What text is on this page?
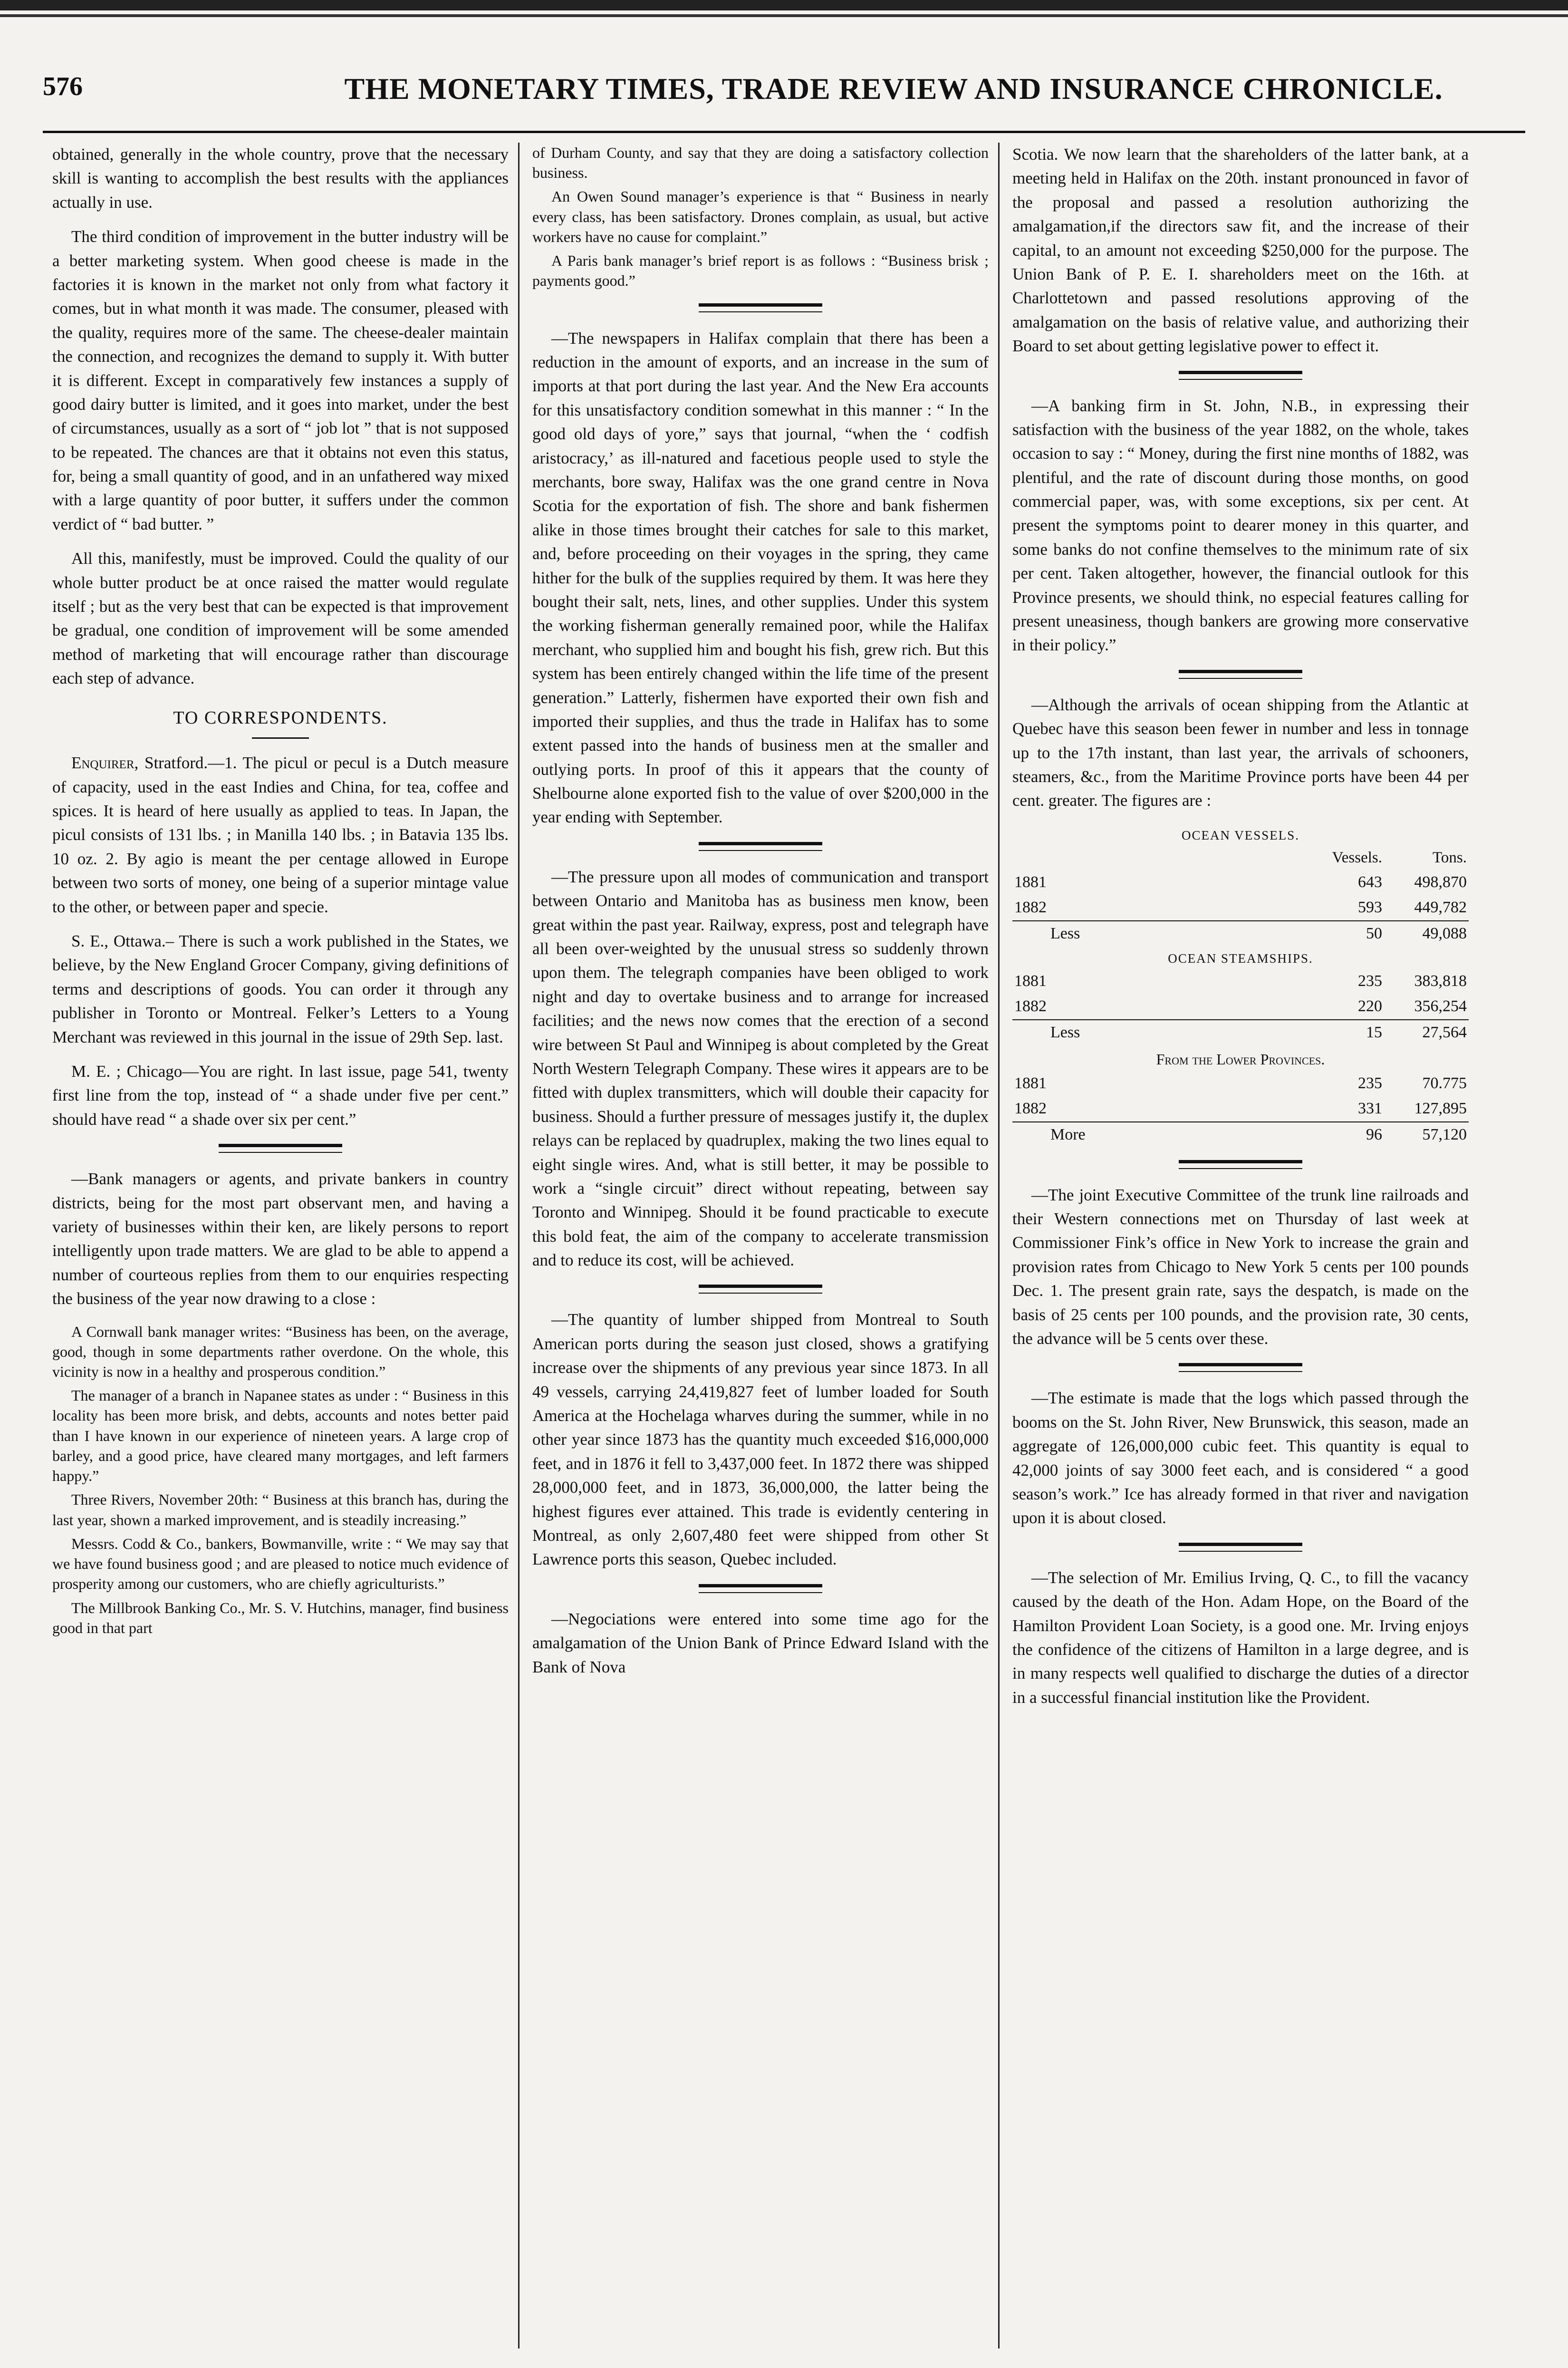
576	THE MONETARY TIMES, TRADE REVIEW AND INSURANCE CHRONICLE.

obtained, generally in the whole country, prove that the necessary skill is wanting to accomplish the best results with the appliances actually in use.

The third condition of improvement in the butter industry will be a better marketing system. When good cheese is made in the factories it is known in the market not only from what factory it comes, but in what month it was made. The consumer, pleased with the quality, requires more of the same. The cheese-dealer maintain the connection, and recognizes the demand to supply it. With butter it is different. Except in comparatively few instances a supply of good dairy butter is limited, and it goes into market, under the best of circumstances, usually as a sort of “ job lot ” that is not supposed to be repeated. The chances are that it obtains not even this status, for, being a small quantity of good, and in an unfathered way mixed with a large quantity of poor butter, it suffers under the common verdict of “ bad butter. ”

All this, manifestly, must be improved. Could the quality of our whole butter product be at once raised the matter would regulate itself ; but as the very best that can be expected is that improvement be gradual, one condition of improvement will be some amended method of marketing that will encourage rather than discourage each step of advance.

TO CORRESPONDENTS.

Enquirer, Stratford.—1. The picul or pecul is a Dutch measure of capacity, used in the east Indies and China, for tea, coffee and spices. It is heard of here usually as applied to teas. In Japan, the picul consists of 131 lbs. ; in Manilla 140 lbs. ; in Batavia 135 lbs. 10 oz. 2. By agio is meant the per centage allowed in Europe between two sorts of money, one being of a superior mintage value to the other, or between paper and specie.

S. E., Ottawa.– There is such a work published in the States, we believe, by the New England Grocer Company, giving definitions of terms and descriptions of goods. You can order it through any publisher in Toronto or Montreal. Felker’s Letters to a Young Merchant was reviewed in this journal in the issue of 29th Sep. last.

M. E. ; Chicago—You are right. In last issue, page 541, twenty first line from the top, instead of “ a shade under five per cent.” should have read “ a shade over six per cent.”

—Bank managers or agents, and private bankers in country districts, being for the most part observant men, and having a variety of businesses within their ken, are likely persons to report intelligently upon trade matters. We are glad to be able to append a number of courteous replies from them to our enquiries respecting the business of the year now drawing to a close :

A Cornwall bank manager writes: “Business has been, on the average, good, though in some departments rather overdone. On the whole, this vicinity is now in a healthy and prosperous condition.”

The manager of a branch in Napanee states as under : “ Business in this locality has been more brisk, and debts, accounts and notes better paid than I have known in our experience of nineteen years. A large crop of barley, and a good price, have cleared many mortgages, and left farmers happy.”

Three Rivers, November 20th: “ Business at this branch has, during the last year, shown a marked improvement, and is steadily increasing.”

Messrs. Codd & Co., bankers, Bowmanville, write : “ We may say that we have found business good ; and are pleased to notice much evidence of prosperity among our customers, who are chiefly agriculturists.”

The Millbrook Banking Co., Mr. S. V. Hutchins, manager, find business good in that part

of Durham County, and say that they are doing a satisfactory collection business.

An Owen Sound manager’s experience is that “ Business in nearly every class, has been satisfactory. Drones complain, as usual, but active workers have no cause for complaint.”

A Paris bank manager’s brief report is as follows : “Business brisk ; payments good.”

—The newspapers in Halifax complain that there has been a reduction in the amount of exports, and an increase in the sum of imports at that port during the last year. And the New Era accounts for this unsatisfactory condition somewhat in this manner : “ In the good old days of yore,” says that journal, “when the ‘ codfish aristocracy,’ as ill-natured and facetious people used to style the merchants, bore sway, Halifax was the one grand centre in Nova Scotia for the exportation of fish. The shore and bank fishermen alike in those times brought their catches for sale to this market, and, before proceeding on their voyages in the spring, they came hither for the bulk of the supplies required by them. It was here they bought their salt, nets, lines, and other supplies. Under this system the working fisherman generally remained poor, while the Halifax merchant, who supplied him and bought his fish, grew rich. But this system has been entirely changed within the life time of the present generation.” Latterly, fishermen have exported their own fish and imported their supplies, and thus the trade in Halifax has to some extent passed into the hands of business men at the smaller and outlying ports. In proof of this it appears that the county of Shelbourne alone exported fish to the value of over $200,000 in the year ending with September.

—The pressure upon all modes of communication and transport between Ontario and Manitoba has as business men know, been great within the past year. Railway, express, post and telegraph have all been over-weighted by the unusual stress so suddenly thrown upon them. The telegraph companies have been obliged to work night and day to overtake business and to arrange for increased facilities; and the news now comes that the erection of a second wire between St Paul and Winnipeg is about completed by the Great North Western Telegraph Company. These wires it appears are to be fitted with duplex transmitters, which will double their capacity for business. Should a further pressure of messages justify it, the duplex relays can be replaced by quadruplex, making the two lines equal to eight single wires. And, what is still better, it may be possible to work a “single circuit” direct without repeating, between say Toronto and Winnipeg. Should it be found practicable to execute this bold feat, the aim of the company to accelerate transmission and to reduce its cost, will be achieved.

—The quantity of lumber shipped from Montreal to South American ports during the season just closed, shows a gratifying increase over the shipments of any previous year since 1873. In all 49 vessels, carrying 24,419,827 feet of lumber loaded for South America at the Hochelaga wharves during the summer, while in no other year since 1873 has the quantity much exceeded $16,000,000 feet, and in 1876 it fell to 3,437,000 feet. In 1872 there was shipped 28,000,000 feet, and in 1873, 36,000,000, the latter being the highest figures ever attained. This trade is evidently centering in Montreal, as only 2,607,480 feet were shipped from other St Lawrence ports this season, Quebec included.

—Negociations were entered into some time ago for the amalgamation of the Union Bank of Prince Edward Island with the Bank of Nova

Scotia. We now learn that the shareholders of the latter bank, at a meeting held in Halifax on the 20th. instant pronounced in favor of the proposal and passed a resolution authorizing the amalgamation,if the directors saw fit, and the increase of their capital, to an amount not exceeding $250,000 for the purpose. The Union Bank of P. E. I. shareholders meet on the 16th. at Charlottetown and passed resolutions approving of the amalgamation on the basis of relative value, and authorizing their Board to set about getting legislative power to effect it.

—A banking firm in St. John, N.B., in expressing their satisfaction with the business of the year 1882, on the whole, takes occasion to say : “ Money, during the first nine months of 1882, was plentiful, and the rate of discount during those months, on good commercial paper, was, with some exceptions, six per cent. At present the symptoms point to dearer money in this quarter, and some banks do not confine themselves to the minimum rate of six per cent. Taken altogether, however, the financial outlook for this Province presents, we should think, no especial features calling for present uneasiness, though bankers are growing more conservative in their policy.”

—Although the arrivals of ocean shipping from the Atlantic at Quebec have this season been fewer in number and less in tonnage up to the 17th instant, than last year, the arrivals of schooners, steamers, &c., from the Maritime Province ports have been 44 per cent. greater. The figures are :

OCEAN VESSELS.		
	Vessels.	Tons.
1881	643	498,870
1882	593	449,782
Less	50	49,088
OCEAN STEAMSHIPS.		
1881	235	383,818
1882	220	356,254
Less	15	27,564
From the Lower Provinces.		
1881	235	70.775
1882	331	127,895
More	96	57,120

—The joint Executive Committee of the trunk line railroads and their Western connections met on Thursday of last week at Commissioner Fink’s office in New York to increase the grain and provision rates from Chicago to New York 5 cents per 100 pounds Dec. 1. The present grain rate, says the despatch, is made on the basis of 25 cents per 100 pounds, and the provision rate, 30 cents, the advance will be 5 cents over these.

—The estimate is made that the logs which passed through the booms on the St. John River, New Brunswick, this season, made an aggregate of 126,000,000 cubic feet. This quantity is equal to 42,000 joints of say 3000 feet each, and is considered “ a good season’s work.” Ice has already formed in that river and navigation upon it is about closed.

—The selection of Mr. Emilius Irving, Q. C., to fill the vacancy caused by the death of the Hon. Adam Hope, on the Board of the Hamilton Provident Loan Society, is a good one. Mr. Irving enjoys the confidence of the citizens of Hamilton in a large degree, and is in many respects well qualified to discharge the duties of a director in a successful financial institution like the Provident.
